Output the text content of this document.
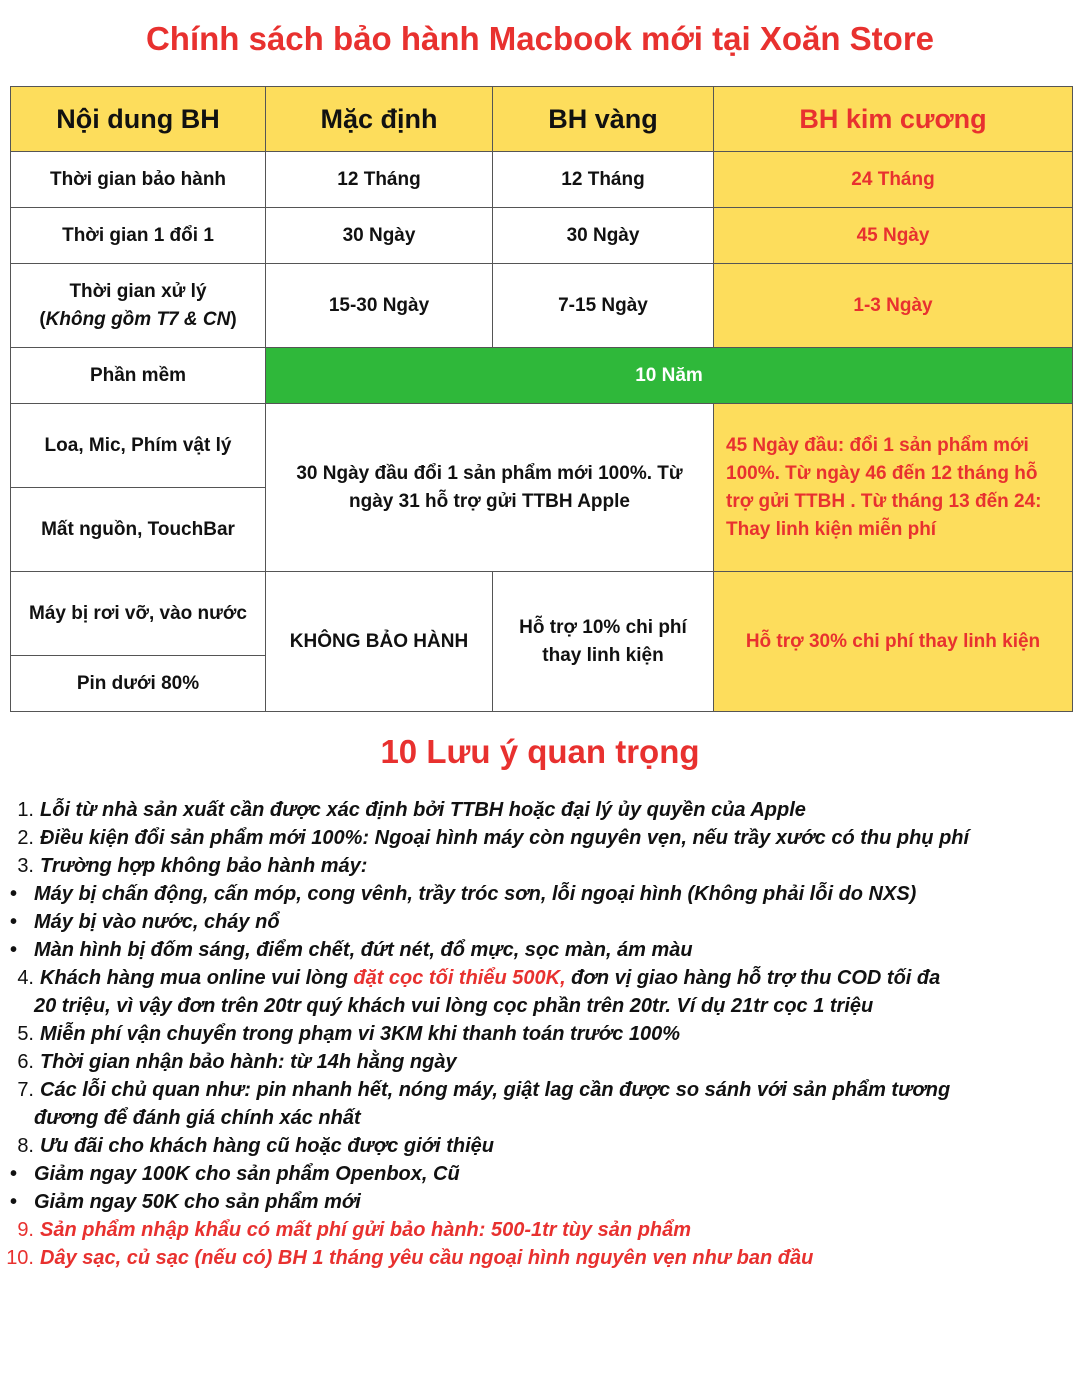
Chính sách bảo hành Macbook mới tại Xoăn Store
Nội dung BH	Mặc định	BH vàng	BH kim cương
Thời gian bảo hành	12 Tháng	12 Tháng	24 Tháng
Thời gian 1 đổi 1	30 Ngày	30 Ngày	45 Ngày
Thời gian xử lý
(Không gồm T7 & CN)	15-30 Ngày	7-15 Ngày	1-3 Ngày
Phần mềm	10 Năm		
Loa, Mic, Phím vật lý	30 Ngày đầu đổi 1 sản phẩm mới 100%. Từ ngày 31 hỗ trợ gửi TTBH Apple		45 Ngày đầu: đổi 1 sản phẩm mới 100%. Từ ngày 46 đến 12 tháng hỗ trợ gửi TTBH . Từ tháng 13 đến 24: Thay linh kiện miễn phí
Mất nguồn, TouchBar			
Máy bị rơi vỡ, vào nước	KHÔNG BẢO HÀNH	Hỗ trợ 10% chi phí thay linh kiện	Hỗ trợ 30% chi phí thay linh kiện
Pin dưới 80%			
10 Lưu ý quan trọng
1. Lỗi từ nhà sản xuất cần được xác định bởi TTBH hoặc đại lý ủy quyền của Apple
2. Điều kiện đổi sản phẩm mới 100%: Ngoại hình máy còn nguyên vẹn, nếu trầy xước có thu phụ phí
3. Trường hợp không bảo hành máy:
• Máy bị chấn động, cấn móp, cong vênh, trầy tróc sơn, lỗi ngoại hình (Không phải lỗi do NXS)
• Máy bị vào nước, cháy nổ
• Màn hình bị đốm sáng, điểm chết, đứt nét, đổ mực, sọc màn, ám màu
4. Khách hàng mua online vui lòng đặt cọc tối thiểu 500K, đơn vị giao hàng hỗ trợ thu COD tối đa
20 triệu, vì vậy đơn trên 20tr quý khách vui lòng cọc phần trên 20tr. Ví dụ 21tr cọc 1 triệu
5. Miễn phí vận chuyển trong phạm vi 3KM khi thanh toán trước 100%
6. Thời gian nhận bảo hành: từ 14h hằng ngày
7. Các lỗi chủ quan như: pin nhanh hết, nóng máy, giật lag cần được so sánh với sản phẩm tương
đương để đánh giá chính xác nhất
8. Ưu đãi cho khách hàng cũ hoặc được giới thiệu
• Giảm ngay 100K cho sản phẩm Openbox, Cũ
• Giảm ngay 50K cho sản phẩm mới
9. Sản phẩm nhập khẩu có mất phí gửi bảo hành: 500-1tr tùy sản phẩm
10. Dây sạc, củ sạc (nếu có) BH 1 tháng yêu cầu ngoại hình nguyên vẹn như ban đầu
